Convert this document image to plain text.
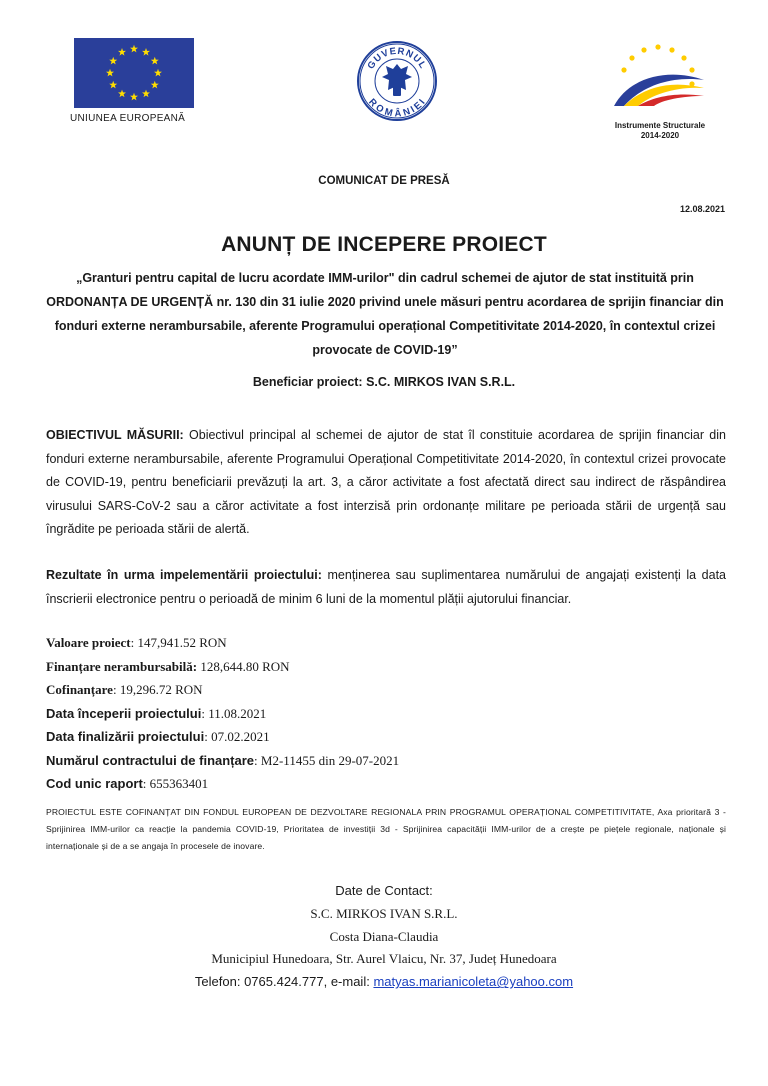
UNIUNEA EUROPEANĂ
GUVERNUL
ROMÂNIEI
Instrumente Structurale
2014-2020
COMUNICAT DE PRESĂ
12.08.2021
ANUNȚ DE INCEPERE PROIECT
„Granturi pentru capital de lucru acordate IMM-urilor" din cadrul schemei de ajutor de stat instituită prin ORDONANȚA DE URGENȚĂ nr. 130 din 31 iulie 2020 privind unele măsuri pentru acordarea de sprijin financiar din fonduri externe nerambursabile, aferente Programului operațional Competitivitate 2014-2020, în contextul crizei provocate de COVID-19”
Beneficiar proiect: S.C. MIRKOS IVAN S.R.L.
OBIECTIVUL MĂSURII: Obiectivul principal al schemei de ajutor de stat îl constituie acordarea de sprijin financiar din fonduri externe nerambursabile, aferente Programului Operațional Competitivitate 2014-2020, în contextul crizei provocate de COVID-19, pentru beneficiarii prevăzuți la art. 3, a căror activitate a fost afectată direct sau indirect de răspândirea virusului SARS-CoV-2 sau a căror activitate a fost interzisă prin ordonanțe militare pe perioada stării de urgență sau îngrădite pe perioada stării de alertă.
Rezultate în urma impelementării proiectului: menținerea sau suplimentarea numărului de angajați existenți la data înscrierii electronice pentru o perioadă de minim 6 luni de la momentul plății ajutorului financiar.
Valoare proiect: 147,941.52 RON
Finanțare nerambursabilă: 128,644.80 RON
Cofinanțare: 19,296.72 RON
Data începerii proiectului: 11.08.2021
Data finalizării proiectului: 07.02.2021
Numărul contractului de finanțare: M2-11455 din 29-07-2021
Cod unic raport: 655363401
PROIECTUL ESTE COFINANȚAT DIN FONDUL EUROPEAN DE DEZVOLTARE REGIONALA PRIN PROGRAMUL OPERAȚIONAL COMPETITIVITATE, Axa prioritară 3 - Sprijinirea IMM-urilor ca reacție la pandemia COVID-19, Prioritatea de investiții 3d - Sprijinirea capacității IMM-urilor de a crește pe piețele regionale, naționale și internaționale și de a se angaja în procesele de inovare.
Date de Contact:
S.C. MIRKOS IVAN S.R.L.
Costa Diana-Claudia
Municipiul Hunedoara, Str. Aurel Vlaicu, Nr. 37, Județ Hunedoara
Telefon: 0765.424.777, e-mail: matyas.marianicoleta@yahoo.com
